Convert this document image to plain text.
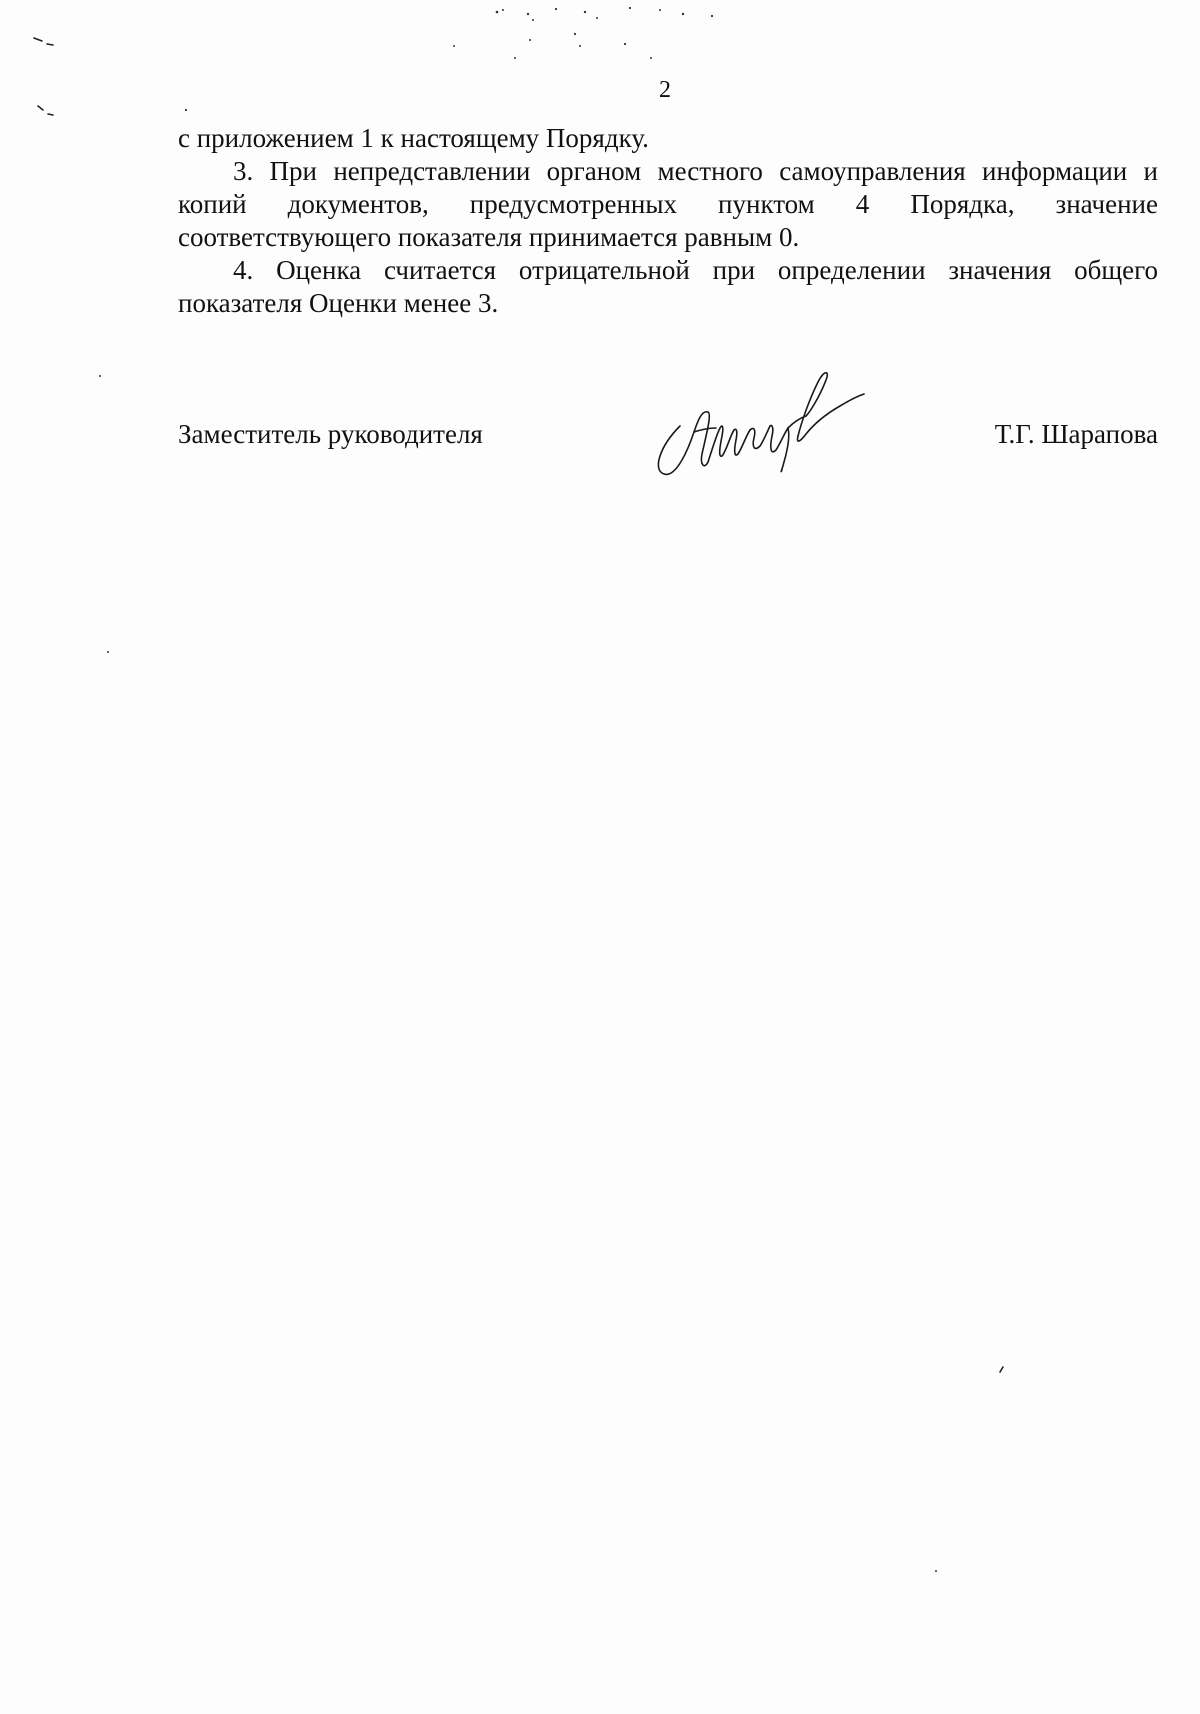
2

с приложением 1 к настоящему Порядку.

3. При непредставлении органом местного самоуправления информации и копий документов, предусмотренных пунктом 4 Порядка, значение соответствующего показателя принимается равным 0.

4. Оценка считается отрицательной при определении значения общего показателя Оценки менее 3.

Заместитель руководителя	Т.Г. Шарапова
